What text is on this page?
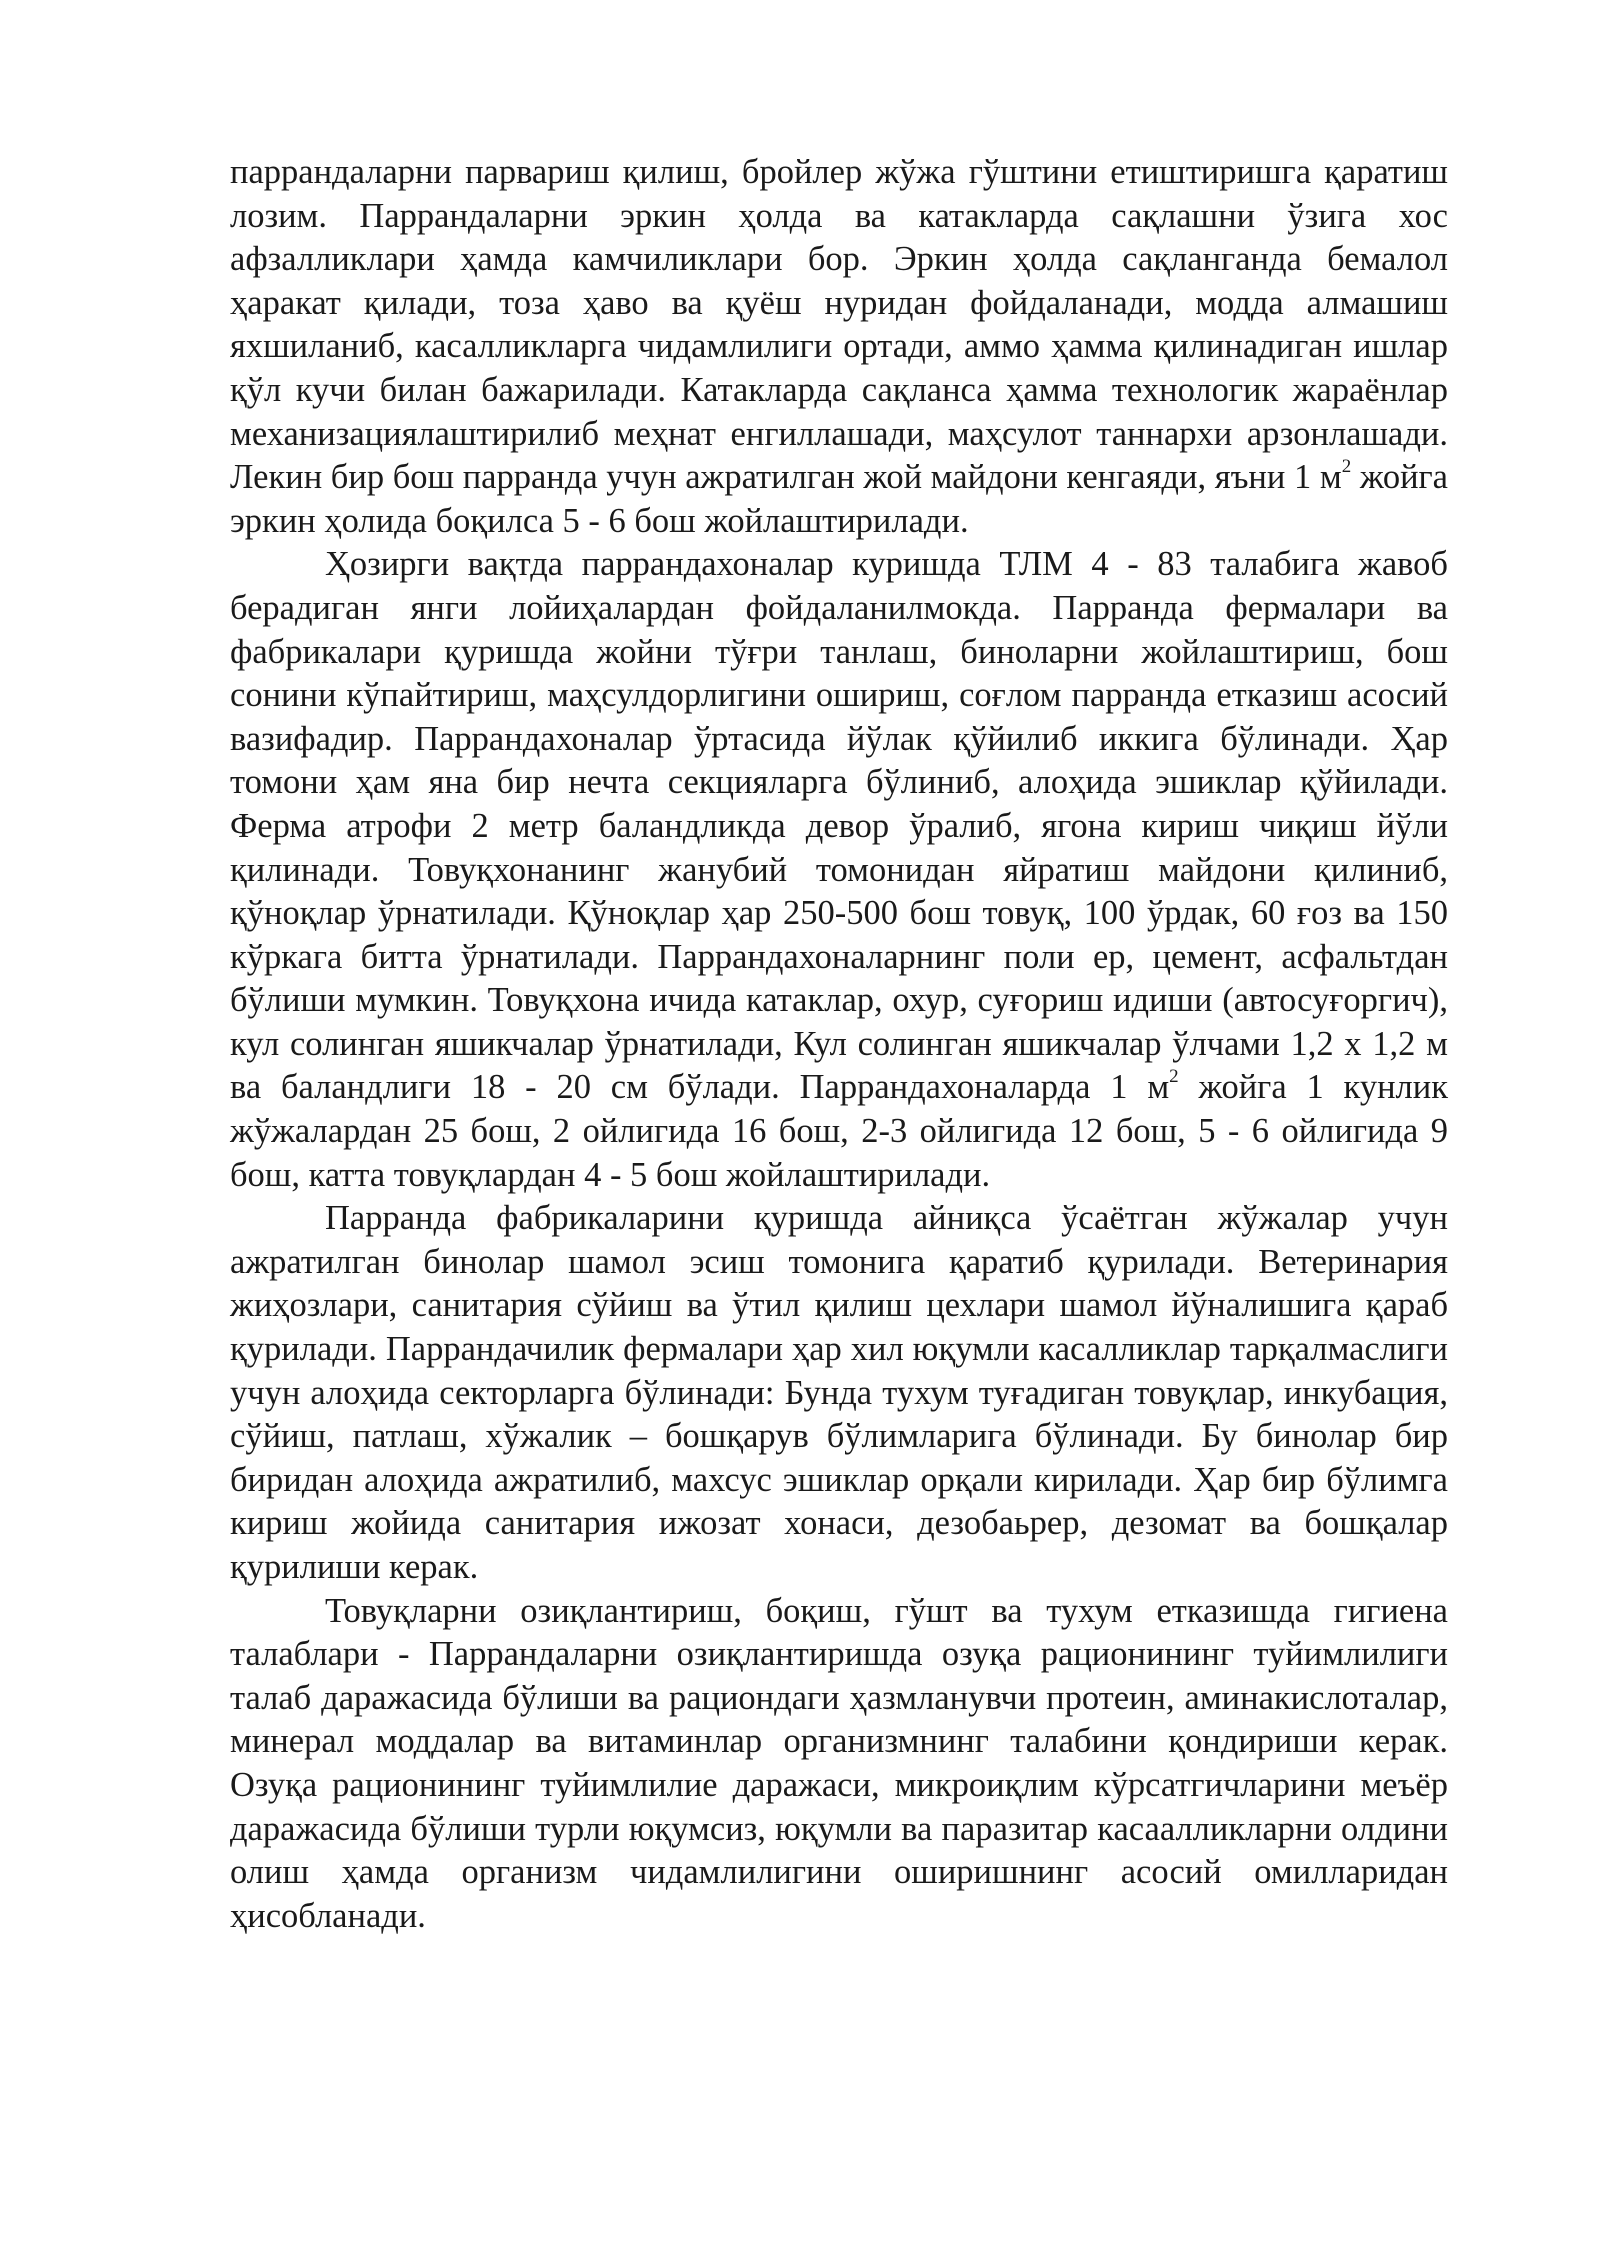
паррандаларни парвариш қилиш, бройлер жўжа гўштини етиштиришга қаратиш лозим. Паррандаларни эркин ҳолда ва катакларда сақлашни ўзига хос афзалликлари ҳамда камчиликлари бор. Эркин ҳолда сақланганда бемалол ҳаракат қилади, тоза ҳаво ва қуёш нуридан фойдаланади, модда алмашиш яхшиланиб, касалликларга чидамлилиги ортади, аммо ҳамма қилинадиган ишлар қўл кучи билан бажарилади. Катакларда сақланса ҳамма технологик жараёнлар механизациялаштирилиб меҳнат енгиллашади, маҳсулот таннархи арзонлашади. Лекин бир бош парранда учун ажратилган жой майдони кенгаяди, яъни 1 $м^2$ жойга эркин ҳолида боқилса 5 - 6 бош жойлаштирилади.

Ҳозирги вақтда паррандахоналар куришда ТЛМ 4 - 83 талабига жавоб берадиган янги лойиҳалардан фойдаланилмокда. Парранда фермалари ва фабрикалари қуришда жойни тўғри танлаш, биноларни жойлаштириш, бош сонини кўпайтириш, маҳсулдорлигини ошириш, соғлом парранда етказиш асосий вазифадир. Паррандахоналар ўртасида йўлак қўйилиб иккига бўлинади. Ҳар томони ҳам яна бир нечта секцияларга бўлиниб, алоҳида эшиклар қўйилади. Ферма атрофи 2 метр баландликда девор ўралиб, ягона кириш чиқиш йўли қилинади. Товуқхонанинг жанубий томонидан яйратиш майдони қилиниб, қўноқлар ўрнатилади. Қўноқлар ҳар 250-500 бош товуқ, 100 ўрдак, 60 ғоз ва 150 кўркага битта ўрнатилади. Паррандахоналарнинг поли ер, цемент, асфальтдан бўлиши мумкин. Товуқхона ичида катаклар, охур, суғориш идиши (автосуғоргич), кул солинган яшикчалар ўрнатилади, Кул солинган яшикчалар ўлчами 1,2 х 1,2 м ва баландлиги 18 - 20 см бўлади. Паррандахоналарда 1 $м^2$ жойга 1 кунлик жўжалардан 25 бош, 2 ойлигида 16 бош, 2-3 ойлигида 12 бош, 5 - 6 ойлигида 9 бош, катта товуқлардан 4 - 5 бош жойлаштирилади.

Парранда фабрикаларини қуришда айниқса ўсаётган жўжалар учун ажратилган бинолар шамол эсиш томонига қаратиб қурилади. Ветеринария жиҳозлари, санитария сўйиш ва ўтил қилиш цехлари шамол йўналишига қараб қурилади. Паррандачилик фермалари ҳар хил юқумли касалликлар тарқалмаслиги учун алоҳида секторларга бўлинади: Бунда тухум туғадиган товуқлар, инкубация, сўйиш, патлаш, хўжалик – бошқарув бўлимларига бўлинади. Бу бинолар бир биридан алоҳида ажратилиб, махсус эшиклар орқали кирилади. Ҳар бир бўлимга кириш жойида санитария ижозат хонаси, дезобаьрер, дезомат ва бошқалар қурилиши керак.

Товуқларни озиқлантириш, боқиш, гўшт ва тухум етказишда гигиена талаблари - Паррандаларни озиқлантиришда озуқа рационининг туйимлилиги талаб даражасида бўлиши ва рациондаги ҳазмланувчи протеин, аминакислоталар, минерал моддалар ва витаминлар организмнинг талабини қондириши керак. Озуқа рационининг туйимлилие даражаси, микроиқлим кўрсатгичларини меъёр даражасида бўлиши турли юқумсиз, юқумли ва паразитар касаалликларни олдини олиш ҳамда организм чидамлилигини оширишнинг асосий омилларидан ҳисобланади.
